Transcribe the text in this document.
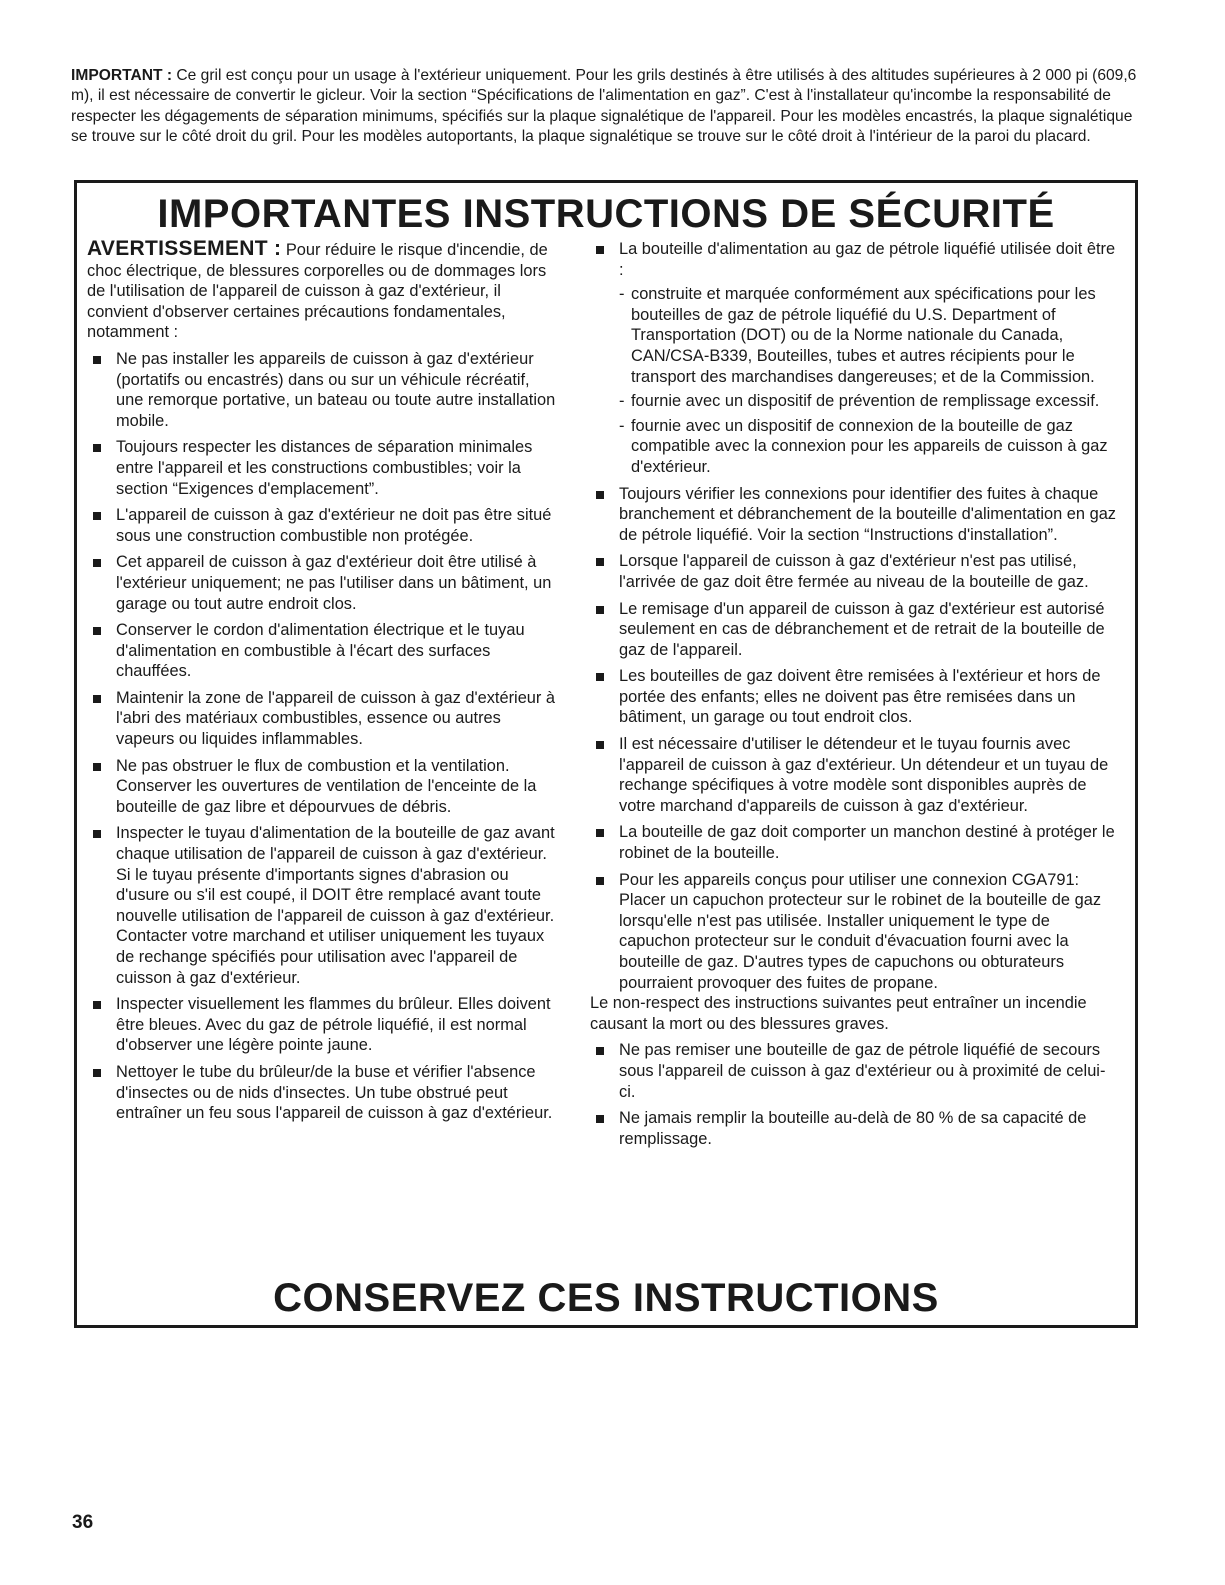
IMPORTANT : Ce gril est conçu pour un usage à l'extérieur uniquement. Pour les grils destinés à être utilisés à des altitudes supérieures à 2 000 pi (609,6 m), il est nécessaire de convertir le gicleur. Voir la section “Spécifications de l'alimentation en gaz”. C'est à l'installateur qu'incombe la responsabilité de respecter les dégagements de séparation minimums, spécifiés sur la plaque signalétique de l'appareil. Pour les modèles encastrés, la plaque signalétique se trouve sur le côté droit du gril. Pour les modèles autoportants, la plaque signalétique se trouve sur le côté droit à l'intérieur de la paroi du placard.

IMPORTANTES INSTRUCTIONS DE SÉCURITÉ

AVERTISSEMENT : Pour réduire le risque d'incendie, de choc électrique, de blessures corporelles ou de dommages lors de l'utilisation de l'appareil de cuisson à gaz d'extérieur, il convient d'observer certaines précautions fondamentales, notamment :

Ne pas installer les appareils de cuisson à gaz d'extérieur (portatifs ou encastrés) dans ou sur un véhicule récréatif, une remorque portative, un bateau ou toute autre installation mobile.
Toujours respecter les distances de séparation minimales entre l'appareil et les constructions combustibles; voir la section “Exigences d'emplacement”.
L'appareil de cuisson à gaz d'extérieur ne doit pas être situé sous une construction combustible non protégée.
Cet appareil de cuisson à gaz d'extérieur doit être utilisé à l'extérieur uniquement; ne pas l'utiliser dans un bâtiment, un garage ou tout autre endroit clos.
Conserver le cordon d'alimentation électrique et le tuyau d'alimentation en combustible à l'écart des surfaces chauffées.
Maintenir la zone de l'appareil de cuisson à gaz d'extérieur à l'abri des matériaux combustibles, essence ou autres vapeurs ou liquides inflammables.
Ne pas obstruer le flux de combustion et la ventilation. Conserver les ouvertures de ventilation de l'enceinte de la bouteille de gaz libre et dépourvues de débris.
Inspecter le tuyau d'alimentation de la bouteille de gaz avant chaque utilisation de l'appareil de cuisson à gaz d'extérieur. Si le tuyau présente d'importants signes d'abrasion ou d'usure ou s'il est coupé, il DOIT être remplacé avant toute nouvelle utilisation de l'appareil de cuisson à gaz d'extérieur. Contacter votre marchand et utiliser uniquement les tuyaux de rechange spécifiés pour utilisation avec l'appareil de cuisson à gaz d'extérieur.
Inspecter visuellement les flammes du brûleur. Elles doivent être bleues. Avec du gaz de pétrole liquéfié, il est normal d'observer une légère pointe jaune.
Nettoyer le tube du brûleur/de la buse et vérifier l'absence d'insectes ou de nids d'insectes. Un tube obstrué peut entraîner un feu sous l'appareil de cuisson à gaz d'extérieur.
La bouteille d'alimentation au gaz de pétrole liquéfié utilisée doit être :
- construite et marquée conformément aux spécifications pour les bouteilles de gaz de pétrole liquéfié du U.S. Department of Transportation (DOT) ou de la Norme nationale du Canada, CAN/CSA-B339, Bouteilles, tubes et autres récipients pour le transport des marchandises dangereuses; et de la Commission.
- fournie avec un dispositif de prévention de remplissage excessif.
- fournie avec un dispositif de connexion de la bouteille de gaz compatible avec la connexion pour les appareils de cuisson à gaz d'extérieur.
Toujours vérifier les connexions pour identifier des fuites à chaque branchement et débranchement de la bouteille d'alimentation en gaz de pétrole liquéfié. Voir la section “Instructions d'installation”.
Lorsque l'appareil de cuisson à gaz d'extérieur n'est pas utilisé, l'arrivée de gaz doit être fermée au niveau de la bouteille de gaz.
Le remisage d'un appareil de cuisson à gaz d'extérieur est autorisé seulement en cas de débranchement et de retrait de la bouteille de gaz de l'appareil.
Les bouteilles de gaz doivent être remisées à l'extérieur et hors de portée des enfants; elles ne doivent pas être remisées dans un bâtiment, un garage ou tout endroit clos.
Il est nécessaire d'utiliser le détendeur et le tuyau fournis avec l'appareil de cuisson à gaz d'extérieur. Un détendeur et un tuyau de rechange spécifiques à votre modèle sont disponibles auprès de votre marchand d'appareils de cuisson à gaz d'extérieur.
La bouteille de gaz doit comporter un manchon destiné à protéger le robinet de la bouteille.
Pour les appareils conçus pour utiliser une connexion CGA791: Placer un capuchon protecteur sur le robinet de la bouteille de gaz lorsqu'elle n'est pas utilisée. Installer uniquement le type de capuchon protecteur sur le conduit d'évacuation fourni avec la bouteille de gaz. D'autres types de capuchons ou obturateurs pourraient provoquer des fuites de propane.

Le non-respect des instructions suivantes peut entraîner un incendie causant la mort ou des blessures graves.

Ne pas remiser une bouteille de gaz de pétrole liquéfié de secours sous l'appareil de cuisson à gaz d'extérieur ou à proximité de celui-ci.
Ne jamais remplir la bouteille au-delà de 80 % de sa capacité de remplissage.
CONSERVEZ CES INSTRUCTIONS
36
